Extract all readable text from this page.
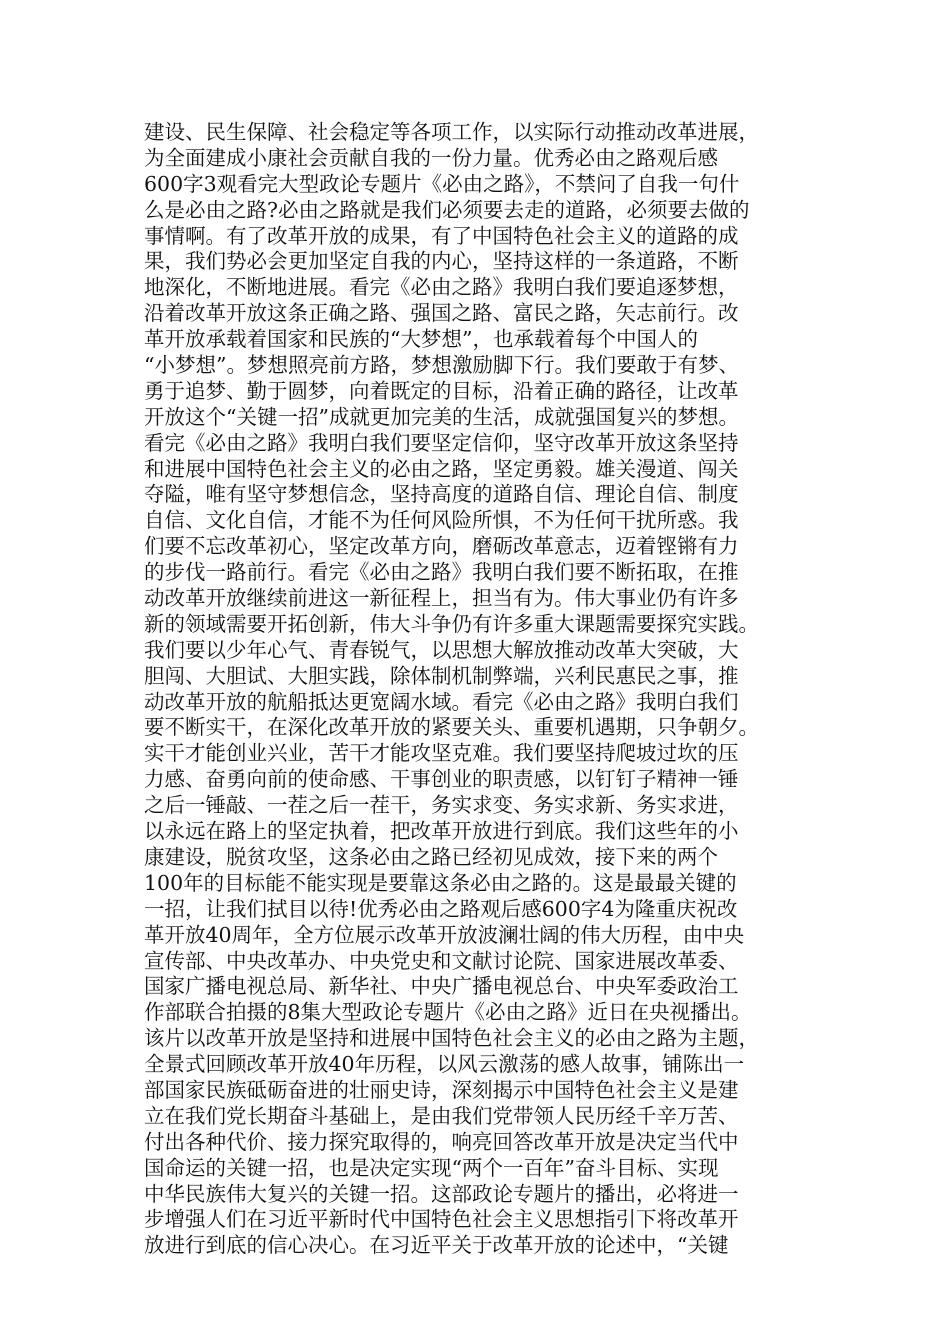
建设、民生保障、社会稳定等各项工作，以实际行动推动改革进展，
为全面建成小康社会贡献自我的一份力量。优秀必由之路观后感
600字3观看完大型政论专题片《必由之路》，不禁问了自我一句什
么是必由之路?必由之路就是我们必须要去走的道路，必须要去做的
事情啊。有了改革开放的成果，有了中国特色社会主义的道路的成
果，我们势必会更加坚定自我的内心，坚持这样的一条道路，不断
地深化，不断地进展。看完《必由之路》我明白我们要追逐梦想，
沿着改革开放这条正确之路、强国之路、富民之路，矢志前行。改
革开放承载着国家和民族的“大梦想”，也承载着每个中国人的
“小梦想”。梦想照亮前方路，梦想激励脚下行。我们要敢于有梦、
勇于追梦、勤于圆梦，向着既定的目标，沿着正确的路径，让改革
开放这个“关键一招”成就更加完美的生活，成就强国复兴的梦想。
看完《必由之路》我明白我们要坚定信仰，坚守改革开放这条坚持
和进展中国特色社会主义的必由之路，坚定勇毅。雄关漫道、闯关
夺隘，唯有坚守梦想信念，坚持高度的道路自信、理论自信、制度
自信、文化自信，才能不为任何风险所惧，不为任何干扰所惑。我
们要不忘改革初心，坚定改革方向，磨砺改革意志，迈着铿锵有力
的步伐一路前行。看完《必由之路》我明白我们要不断拓取，在推
动改革开放继续前进这一新征程上，担当有为。伟大事业仍有许多
新的领域需要开拓创新，伟大斗争仍有许多重大课题需要探究实践。
我们要以少年心气、青春锐气，以思想大解放推动改革大突破，大
胆闯、大胆试、大胆实践，除体制机制弊端，兴利民惠民之事，推
动改革开放的航船抵达更宽阔水域。看完《必由之路》我明白我们
要不断实干，在深化改革开放的紧要关头、重要机遇期，只争朝夕。
实干才能创业兴业，苦干才能攻坚克难。我们要坚持爬坡过坎的压
力感、奋勇向前的使命感、干事创业的职责感，以钉钉子精神一锤
之后一锤敲、一茬之后一茬干，务实求变、务实求新、务实求进，
以永远在路上的坚定执着，把改革开放进行到底。我们这些年的小
康建设，脱贫攻坚，这条必由之路已经初见成效，接下来的两个
100年的目标能不能实现是要靠这条必由之路的。这是最最关键的
一招，让我们拭目以待!优秀必由之路观后感600字4为隆重庆祝改
革开放40周年，全方位展示改革开放波澜壮阔的伟大历程，由中央
宣传部、中央改革办、中央党史和文献讨论院、国家进展改革委、
国家广播电视总局、新华社、中央广播电视总台、中央军委政治工
作部联合拍摄的8集大型政论专题片《必由之路》近日在央视播出。
该片以改革开放是坚持和进展中国特色社会主义的必由之路为主题，
全景式回顾改革开放40年历程，以风云激荡的感人故事，铺陈出一
部国家民族砥砺奋进的壮丽史诗，深刻揭示中国特色社会主义是建
立在我们党长期奋斗基础上，是由我们党带领人民历经千辛万苦、
付出各种代价、接力探究取得的，响亮回答改革开放是决定当代中
国命运的关键一招，也是决定实现“两个一百年”奋斗目标、实现
中华民族伟大复兴的关键一招。这部政论专题片的播出，必将进一
步增强人们在习近平新时代中国特色社会主义思想指引下将改革开
放进行到底的信心决心。在习近平关于改革开放的论述中，“关键
